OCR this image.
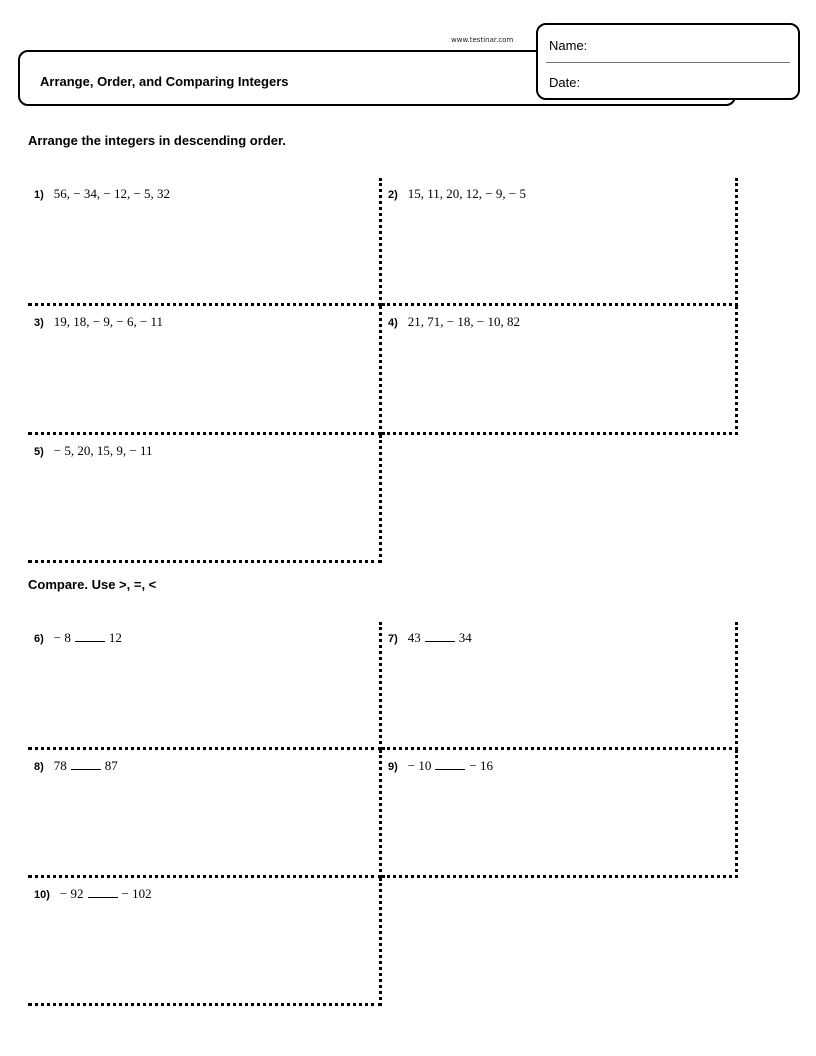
www.testinar.com
Arrange, Order, and Comparing Integers
Name:
Date:
Arrange the integers in descending order.
1) 56, − 34, − 12, − 5, 32	2) 15, 11, 20, 12, − 9, − 5
3) 19, 18, − 9, − 6, − 11	4) 21, 71, − 18, − 10, 82
5) − 5, 20, 15, 9, − 11
Compare. Use >, =, <
6) − 8	12	7) 43	34
8) 78	87	9) − 10	− 16
10) − 92	− 102
